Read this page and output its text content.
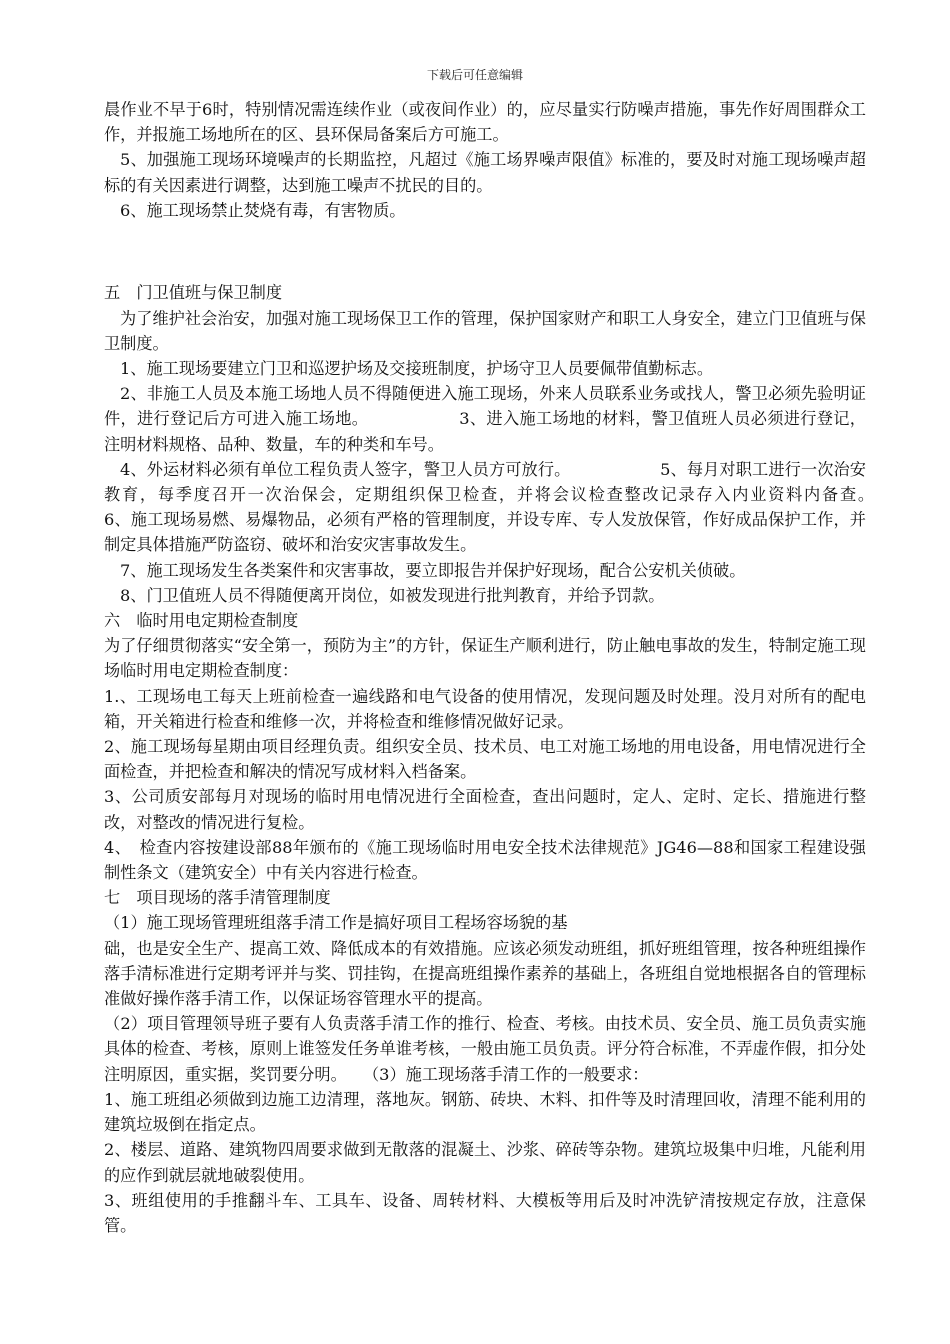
下载后可任意编辑

晨作业不早于6时，特别情况需连续作业（或夜间作业）的，应尽量实行防噪声措施，事先作好周围群众工作，并报施工场地所在的区、县环保局备案后方可施工。

5、加强施工现场环境噪声的长期监控，凡超过《施工场界噪声限值》标准的，要及时对施工现场噪声超标的有关因素进行调整，达到施工噪声不扰民的目的。

6、施工现场禁止焚烧有毒，有害物质。

五　门卫值班与保卫制度

为了维护社会治安，加强对施工现场保卫工作的管理，保护国家财产和职工人身安全，建立门卫值班与保卫制度。

1、施工现场要建立门卫和巡逻护场及交接班制度，护场守卫人员要佩带值勤标志。

2、非施工人员及本施工场地人员不得随便进入施工现场，外来人员联系业务或找人，警卫必须先验明证件，进行登记后方可进入施工场地。　　　　　　3、进入施工场地的材料，警卫值班人员必须进行登记，注明材料规格、品种、数量，车的种类和车号。

4、外运材料必须有单位工程负责人签字，警卫人员方可放行。　　　　　　5、每月对职工进行一次治安教育，每季度召开一次治保会，定期组织保卫检查，并将会议检查整改记录存入内业资料内备查。　　　　　6、施工现场易燃、易爆物品，必须有严格的管理制度，并设专库、专人发放保管，作好成品保护工作，并制定具体措施严防盗窃、破坏和治安灾害事故发生。

7、施工现场发生各类案件和灾害事故，要立即报告并保护好现场，配合公安机关侦破。

8、门卫值班人员不得随便离开岗位，如被发现进行批判教育，并给予罚款。

六　临时用电定期检查制度

为了仔细贯彻落实“安全第一，预防为主”的方针，保证生产顺利进行，防止触电事故的发生，特制定施工现场临时用电定期检查制度：

1.、工现场电工每天上班前检查一遍线路和电气设备的使用情况，发现问题及时处理。没月对所有的配电箱，开关箱进行检查和维修一次，并将检查和维修情况做好记录。

2、施工现场每星期由项目经理负责。组织安全员、技术员、电工对施工场地的用电设备，用电情况进行全面检查，并把检查和解决的情况写成材料入档备案。

3、公司质安部每月对现场的临时用电情况进行全面检查，查出问题时，定人、定时、定长、措施进行整改，对整改的情况进行复检。

4、　检查内容按建设部88年颁布的《施工现场临时用电安全技术法律规范》JG46—88和国家工程建设强制性条文（建筑安全）中有关内容进行检查。

七　项目现场的落手清管理制度

（1）施工现场管理班组落手清工作是搞好项目工程场容场貌的基

础，也是安全生产、提高工效、降低成本的有效措施。应该必须发动班组，抓好班组管理，按各种班组操作落手清标准进行定期考评并与奖、罚挂钩，在提高班组操作素养的基础上，各班组自觉地根据各自的管理标准做好操作落手清工作，以保证场容管理水平的提高。

（2）项目管理领导班子要有人负责落手清工作的推行、检查、考核。由技术员、安全员、施工员负责实施具体的检查、考核，原则上谁签发任务单谁考核，一般由施工员负责。评分符合标准，不弄虚作假，扣分处注明原因，重实据，奖罚要分明。　　（3）施工现场落手清工作的一般要求：

1、施工班组必须做到边施工边清理，落地灰。钢筋、砖块、木料、扣件等及时清理回收，清理不能利用的建筑垃圾倒在指定点。

2、楼层、道路、建筑物四周要求做到无散落的混凝土、沙浆、碎砖等杂物。建筑垃圾集中归堆，凡能利用的应作到就层就地破裂使用。

3、班组使用的手推翻斗车、工具车、设备、周转材料、大模板等用后及时冲洗铲清按规定存放，注意保管。
